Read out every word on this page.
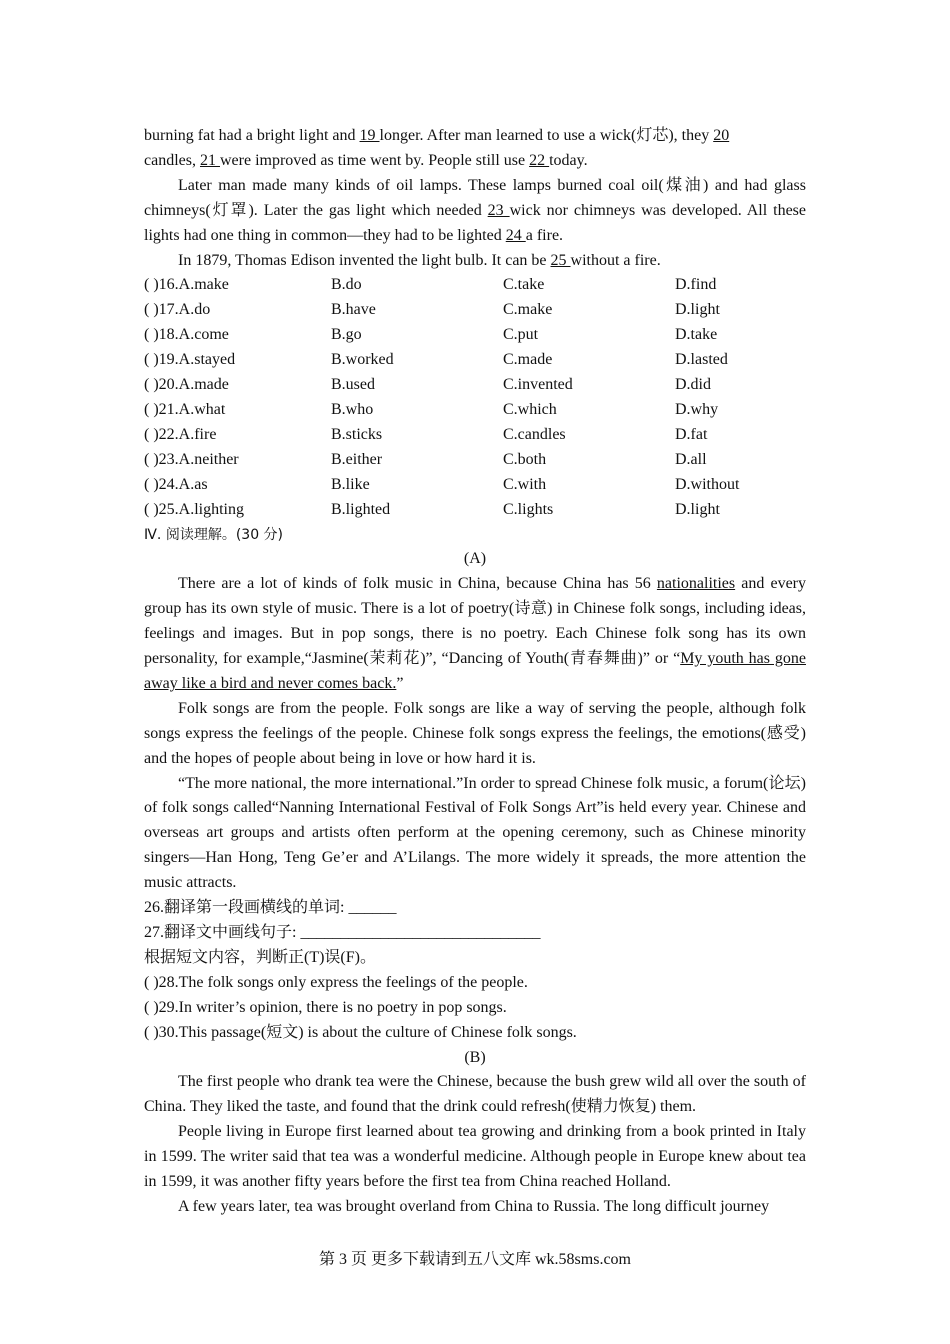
burning fat had a bright light and 19 longer. After man learned to use a wick(灯芯), they 20
candles, 21 were improved as time went by. People still use 22 today.

Later man made many kinds of oil lamps. These lamps burned coal oil(煤油) and had glass chimneys(灯罩). Later the gas light which needed 23 wick nor chimneys was developed. All these lights had one thing in common—they had to be lighted 24 a fire.

In 1879, Thomas Edison invented the light bulb. It can be 25 without a fire.

( )16.A.make	B.do	C.take	D.find
( )17.A.do	B.have	C.make	D.light
( )18.A.come	B.go	C.put	D.take
( )19.A.stayed	B.worked	C.made	D.lasted
( )20.A.made	B.used	C.invented	D.did
( )21.A.what	B.who	C.which	D.why
( )22.A.fire	B.sticks	C.candles	D.fat
( )23.A.neither	B.either	C.both	D.all
( )24.A.as	B.like	C.with	D.without
( )25.A.lighting	B.lighted	C.lights	D.light

Ⅳ. 阅读理解。(30 分)

(A)

There are a lot of kinds of folk music in China, because China has 56 nationalities and every group has its own style of music. There is a lot of poetry(诗意) in Chinese folk songs, including ideas, feelings and images. But in pop songs, there is no poetry. Each Chinese folk song has its own personality, for example,“Jasmine(茉莉花)”, “Dancing of Youth(青春舞曲)” or “My youth has gone away like a bird and never comes back.”

Folk songs are from the people. Folk songs are like a way of serving the people, although folk songs express the feelings of the people. Chinese folk songs express the feelings, the emotions(感受) and the hopes of people about being in love or how hard it is.

“The more national, the more international.”In order to spread Chinese folk music, a forum(论坛) of folk songs called“Nanning International Festival of Folk Songs Art”is held every year. Chinese and overseas art groups and artists often perform at the opening ceremony, such as Chinese minority singers—Han Hong, Teng Ge’er and A’Lilangs. The more widely it spreads, the more attention the music attracts.

26.翻译第一段画横线的单词: ______

27.翻译文中画线句子: ______________________________

根据短文内容，判断正(T)误(F)。

( )28.The folk songs only express the feelings of the people.

( )29.In writer’s opinion, there is no poetry in pop songs.

( )30.This passage(短文) is about the culture of Chinese folk songs.

(B)

The first people who drank tea were the Chinese, because the bush grew wild all over the south of China. They liked the taste, and found that the drink could refresh(使精力恢复) them.

People living in Europe first learned about tea growing and drinking from a book printed in Italy in 1599. The writer said that tea was a wonderful medicine. Although people in Europe knew about tea in 1599, it was another fifty years before the first tea from China reached Holland.

A few years later, tea was brought overland from China to Russia. The long difficult journey

第 3 页 更多下载请到五八文库 wk.58sms.com
